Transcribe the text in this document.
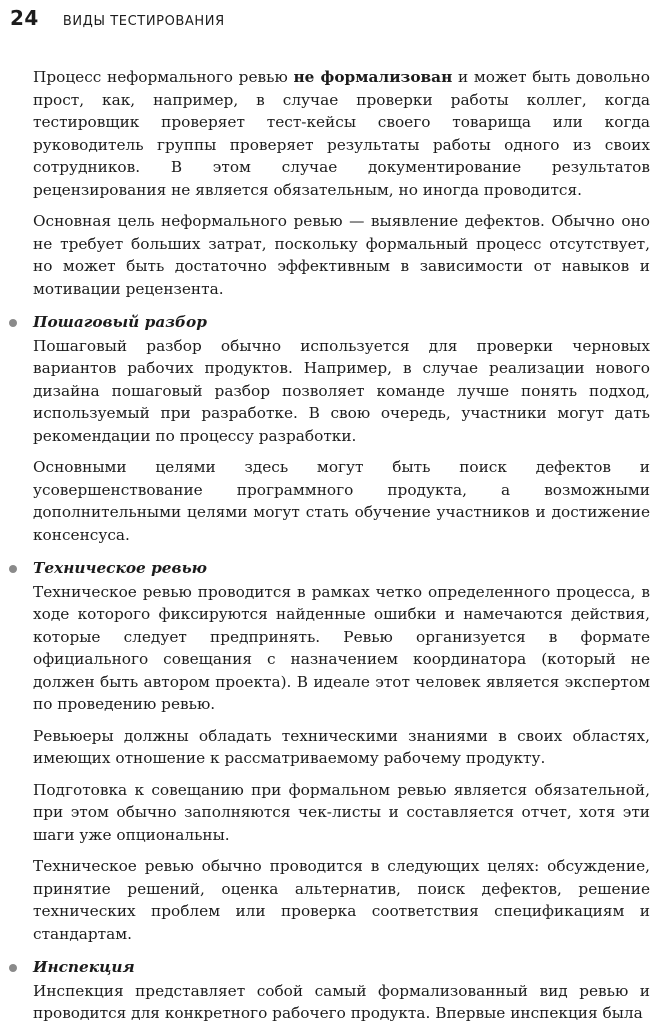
24 ВИДЫ ТЕСТИРОВАНИЯ

Процесс неформального ревью не формализован и может быть довольно прост, как, например, в случае проверки работы коллег, когда тестировщик проверяет тест-кейсы своего товарища или когда руководитель группы проверяет результаты работы одного из своих сотрудников. В этом случае документирование результатов рецензирования не является обязательным, но иногда проводится.

Основная цель неформального ревью — выявление дефектов. Обычно оно не требует больших затрат, поскольку формальный процесс отсутствует, но может быть достаточно эффективным в зависимости от навыков и мотивации рецензента.

Пошаговый разбор

Пошаговый разбор обычно используется для проверки черновых вариантов рабочих продуктов. Например, в случае реализации нового дизайна пошаговый разбор позволяет команде лучше понять подход, используемый при разработке. В свою очередь, участники могут дать рекомендации по процессу разработки.

Основными целями здесь могут быть поиск дефектов и усовершенствование программного продукта, а возможными дополнительными целями могут стать обучение участников и достижение консенсуса.

Техническое ревью

Техническое ревью проводится в рамках четко определенного процесса, в ходе которого фиксируются найденные ошибки и намечаются действия, которые следует предпринять. Ревью организуется в формате официального совещания с назначением координатора (который не должен быть автором проекта). В идеале этот человек является экспертом по проведению ревью.

Ревьюеры должны обладать техническими знаниями в своих областях, имеющих отношение к рассматриваемому рабочему продукту.

Подготовка к совещанию при формальном ревью является обязательной, при этом обычно заполняются чек-листы и составляется отчет, хотя эти шаги уже опциональны.

Техническое ревью обычно проводится в следующих целях: обсуждение, принятие решений, оценка альтернатив, поиск дефектов, решение технических проблем или проверка соответствия спецификациям и стандартам.

Инспекция

Инспекция представляет собой самый формализованный вид ревью и проводится для конкретного рабочего продукта. Впервые инспекция была
